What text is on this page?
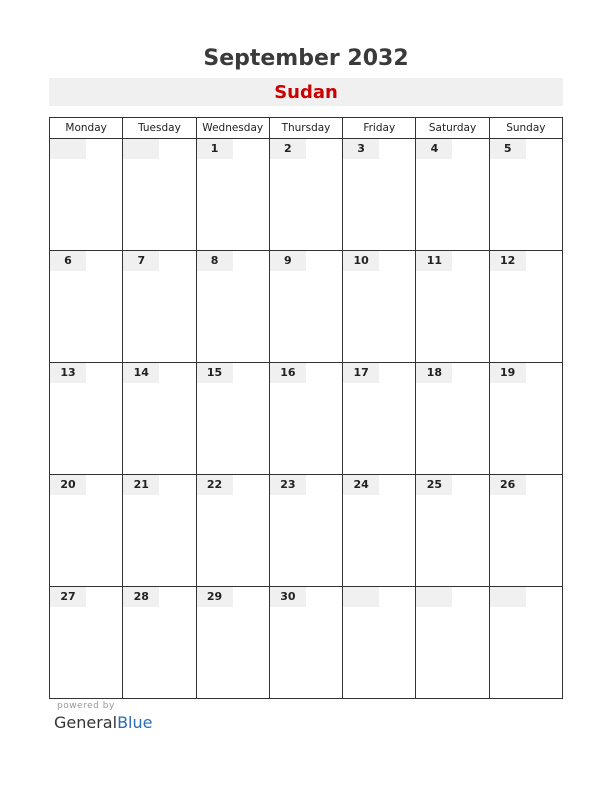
September 2032
Sudan
Monday	Tuesday	Wednesday	Thursday	Friday	Saturday	Sunday

		1	2	3	4	5

6	7	8	9	10	11	12

13	14	15	16	17	18	19

20	21	22	23	24	25	26

27	28	29	30			

powered by
GeneralBlue
